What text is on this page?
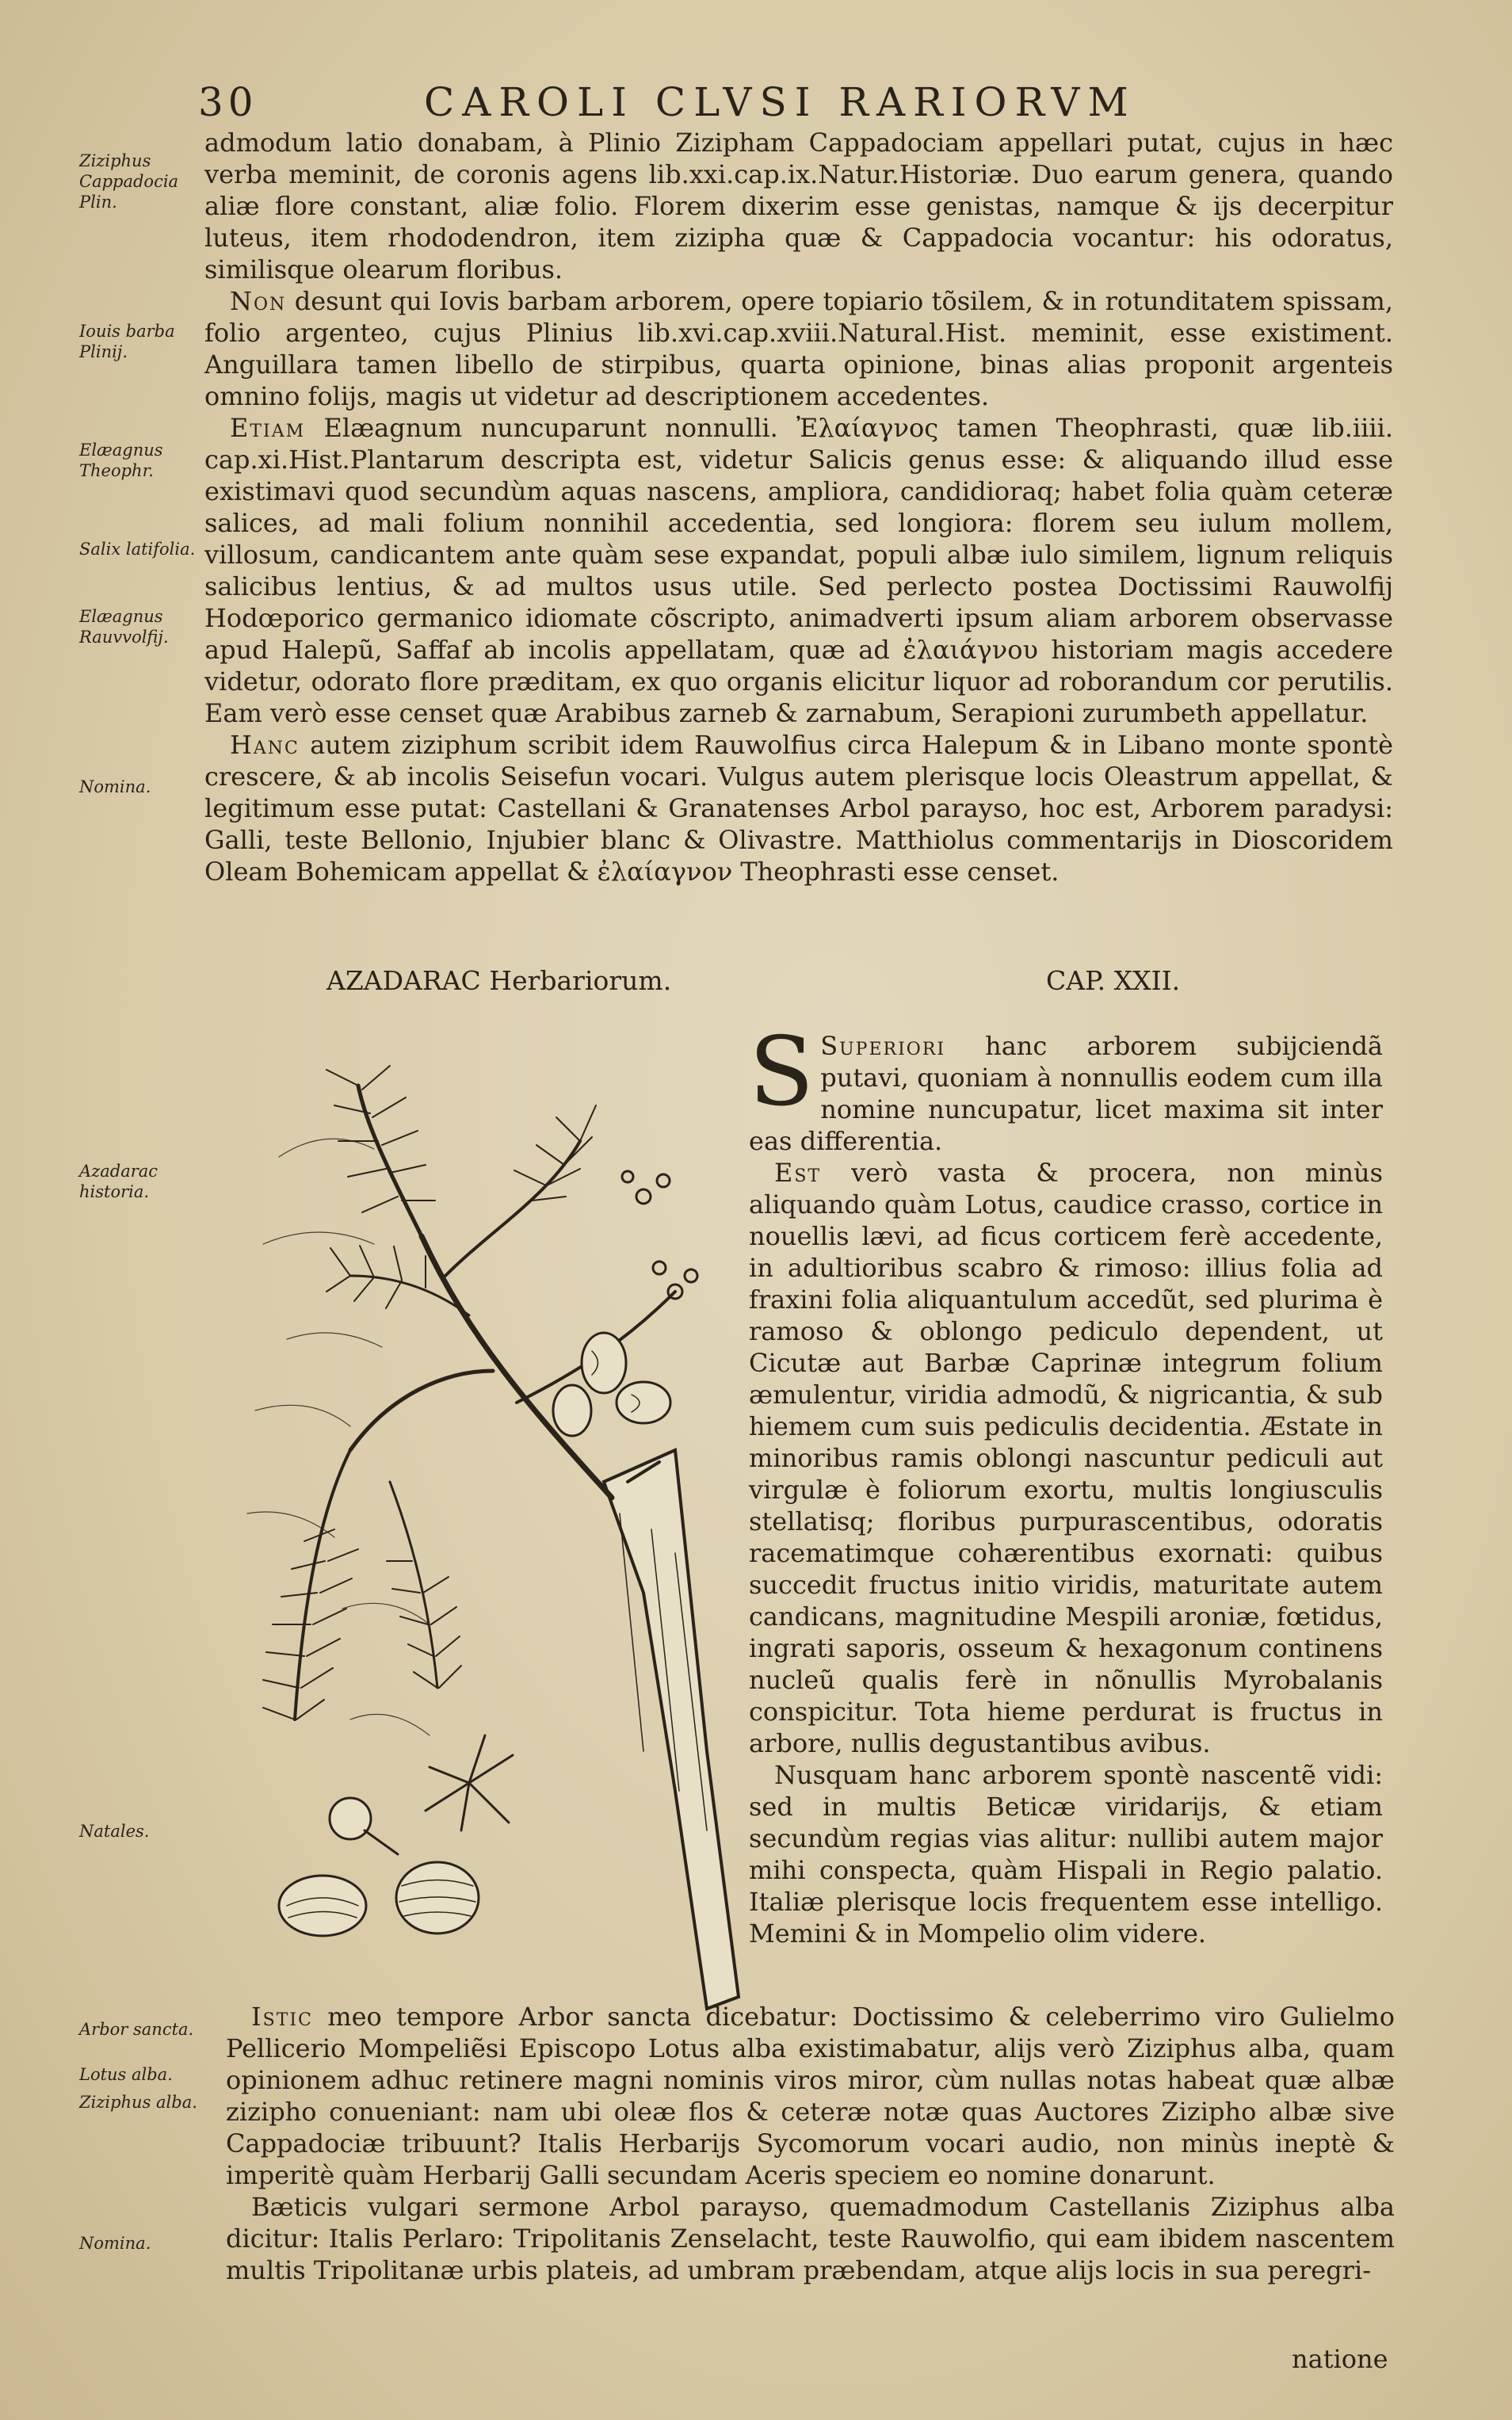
30	CAROLI CLVSI RARIORVM
Ziziphus Cappadocia Plin.
Iouis barba Plinij.
Elæagnus Theophr.
Salix latifolia.
Elæagnus Rauvvolfij.
Nomina.
Azadarac historia.
Natales.
Arbor sancta.
Lotus alba.
Ziziphus alba.
Nomina.

admodum latio donabam, à Plinio Zizipham Cappadociam appellari putat, cujus in hæc verba meminit, de coronis agens lib.xxi.cap.ix.Natur.Historiæ. Duo earum genera, quando aliæ flore constant, aliæ folio. Florem dixerim esse genistas, namque & ijs decerpitur luteus, item rhododendron, item zizipha quæ & Cappadocia vocantur: his odoratus, similisque olearum floribus.

 Non desunt qui Iovis barbam arborem, opere topiario tõsilem, & in rotunditatem spissam, folio argenteo, cujus Plinius lib.xvi.cap.xviii.Natural.Hist. meminit, esse existiment. Anguillara tamen libello de stirpibus, quarta opinione, binas alias proponit argenteis omnino folijs, magis ut videtur ad descriptionem accedentes.

 Etiam Elæagnum nuncuparunt nonnulli. Ἐλαίαγνος tamen Theophrasti, quæ lib.iiii. cap.xi.Hist.Plantarum descripta est, videtur Salicis genus esse: & aliquando illud esse existimavi quod secundùm aquas nascens, ampliora, candidioraq; habet folia quàm ceteræ salices, ad mali folium nonnihil accedentia, sed longiora: florem seu iulum mollem, villosum, candicantem ante quàm sese expandat, populi albæ iulo similem, lignum reliquis salicibus lentius, & ad multos usus utile. Sed perlecto postea Doctissimi Rauwolfij Hodœporico germanico idiomate cõscripto, animadverti ipsum aliam arborem observasse apud Halepũ, Saffaf ab incolis appellatam, quæ ad ἐλαιάγνου historiam magis accedere videtur, odorato flore præditam, ex quo organis elicitur liquor ad roborandum cor perutilis. Eam verò esse censet quæ Arabibus zarneb & zarnabum, Serapioni zurumbeth appellatur.

 Hanc autem ziziphum scribit idem Rauwolfius circa Halepum & in Libano monte spontè crescere, & ab incolis Seisefun vocari. Vulgus autem plerisque locis Oleastrum appellat, & legitimum esse putat: Castellani & Granatenses Arbol parayso, hoc est, Arborem paradysi: Galli, teste Bellonio, Injubier blanc & Olivastre. Matthiolus commentarijs in Dioscoridem Oleam Bohemicam appellat & ἐλαίαγνον Theophrasti esse censet.

AZADARAC Herbariorum.	CAP. XXII.

S Superiori hanc arborem subijciendã putavi, quoniam à nonnullis eodem cum illa nomine nuncupatur, licet maxima sit inter eas differentia.

 Est verò vasta & procera, non minùs aliquando quàm Lotus, caudice crasso, cortice in nouellis lævi, ad ficus corticem ferè accedente, in adultioribus scabro & rimoso: illius folia ad fraxini folia aliquantulum accedũt, sed plurima è ramoso & oblongo pediculo dependent, ut Cicutæ aut Barbæ Caprinæ integrum folium æmulentur, viridia admodũ, & nigricantia, & sub hiemem cum suis pediculis decidentia. Æstate in minoribus ramis oblongi nascuntur pediculi aut virgulæ è foliorum exortu, multis longiusculis stellatisq; floribus purpurascentibus, odoratis racematimque cohærentibus exornati: quibus succedit fructus initio viridis, maturitate autem candicans, magnitudine Mespili aroniæ, fœtidus, ingrati saporis, osseum & hexagonum continens nucleũ qualis ferè in nõnullis Myrobalanis conspicitur. Tota hieme perdurat is fructus in arbore, nullis degustantibus avibus.

 Nusquam hanc arborem spontè nascentẽ vidi: sed in multis Beticæ viridarijs, & etiam secundùm regias vias alitur: nullibi autem major mihi conspecta, quàm Hispali in Regio palatio. Italiæ plerisque locis frequentem esse intelligo. Memini & in Mompelio olim videre.

 Istic meo tempore Arbor sancta dicebatur: Doctissimo & celeberrimo viro Gulielmo Pellicerio Mompeliẽsi Episcopo Lotus alba existimabatur, alijs verò Ziziphus alba, quam opinionem adhuc retinere magni nominis viros miror, cùm nullas notas habeat quæ albæ zizipho conueniant: nam ubi oleæ flos & ceteræ notæ quas Auctores Zizipho albæ sive Cappadociæ tribuunt? Italis Herbarijs Sycomorum vocari audio, non minùs ineptè & imperitè quàm Herbarij Galli secundam Aceris speciem eo nomine donarunt.

 Bæticis vulgari sermone Arbol parayso, quemadmodum Castellanis Ziziphus alba dicitur: Italis Perlaro: Tripolitanis Zenselacht, teste Rauwolfio, qui eam ibidem nascentem multis Tripolitanæ urbis plateis, ad umbram præbendam, atque alijs locis in sua peregri-

natione
